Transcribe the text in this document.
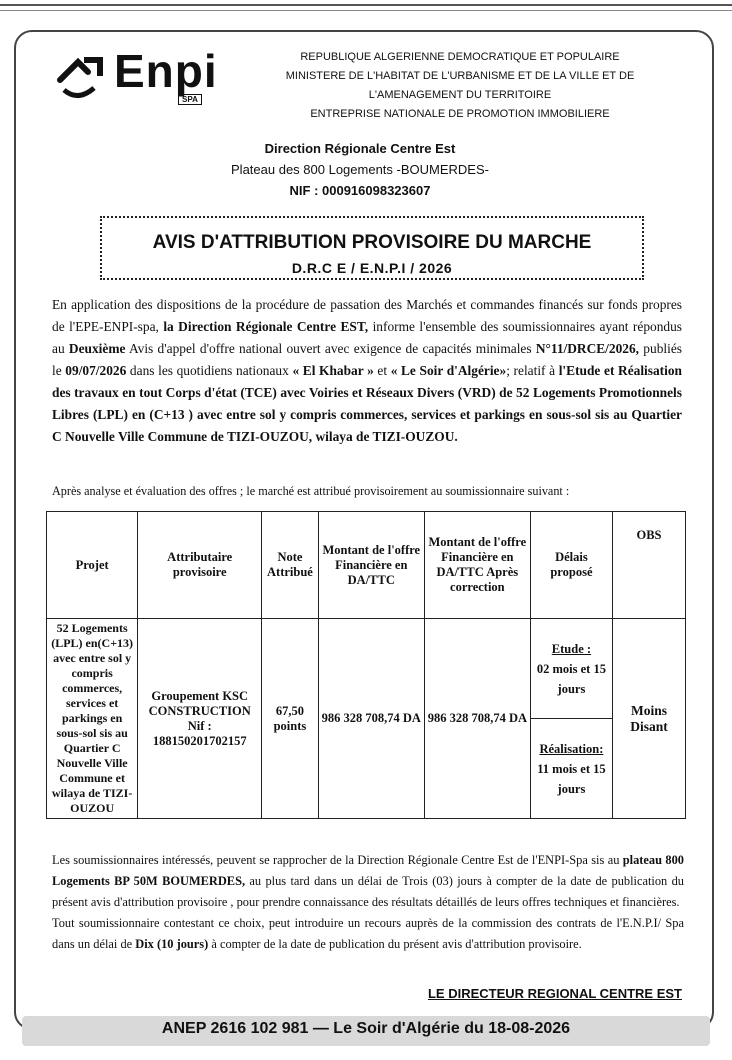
Enpi
SPA
REPUBLIQUE ALGERIENNE DEMOCRATIQUE ET POPULAIRE
MINISTERE DE L'HABITAT DE L'URBANISME ET DE LA VILLE ET DE
L'AMENAGEMENT DU TERRITOIRE
ENTREPRISE NATIONALE DE PROMOTION IMMOBILIERE
Direction Régionale Centre Est
Plateau des 800 Logements -BOUMERDES-
NIF : 000916098323607
AVIS D'ATTRIBUTION PROVISOIRE DU MARCHE
D.R.C E / E.N.P.I / 2026
En application des dispositions de la procédure de passation des Marchés et commandes financés sur fonds propres de l'EPE-ENPI-spa, la Direction Régionale Centre EST, informe l'ensemble des soumissionnaires ayant répondus au Deuxième Avis d'appel d'offre national ouvert avec exigence de capacités minimales N°11/DRCE/2026, publiés le 09/07/2026 dans les quotidiens nationaux « El Khabar » et « Le Soir d'Algérie»; relatif à l'Etude et Réalisation des travaux en tout Corps d'état (TCE) avec Voiries et Réseaux Divers (VRD) de 52 Logements Promotionnels Libres (LPL) en (C+13 ) avec entre sol y compris commerces, services et parkings en sous-sol sis au Quartier C Nouvelle Ville Commune de TIZI-OUZOU, wilaya de TIZI-OUZOU.
Après analyse et évaluation des offres ; le marché est attribué provisoirement au soumissionnaire suivant :
Projet	Attributaire provisoire	Note Attribué	Montant de l'offre Financière en DA/TTC	Montant de l'offre Financière en DA/TTC Après correction	Délais proposé	OBS
52 Logements (LPL) en(C+13) avec entre sol y compris commerces, services et parkings en sous-sol sis au Quartier C Nouvelle Ville Commune et wilaya de TIZI-OUZOU	Groupement KSC CONSTRUCTION Nif : 188150201702157	67,50 points	986 328 708,74 DA	986 328 708,74 DA	Etude :
02 mois et 15 jours	Moins Disant

					Réalisation:
11 mois et 15 jours	
Les soumissionnaires intéressés, peuvent se rapprocher de la Direction Régionale Centre Est de l'ENPI-Spa sis au plateau 800 Logements BP 50M BOUMERDES, au plus tard dans un délai de Trois (03) jours à compter de la date de publication du présent avis d'attribution provisoire , pour prendre connaissance des résultats détaillés de leurs offres techniques et financières.
Tout soumissionnaire contestant ce choix, peut introduire un recours auprès de la commission des contrats de l'E.N.P.I/ Spa dans un délai de Dix (10 jours) à compter de la date de publication du présent avis d'attribution provisoire.
LE DIRECTEUR REGIONAL CENTRE EST
ANEP 2616 102 981 — Le Soir d'Algérie du 18-08-2026
